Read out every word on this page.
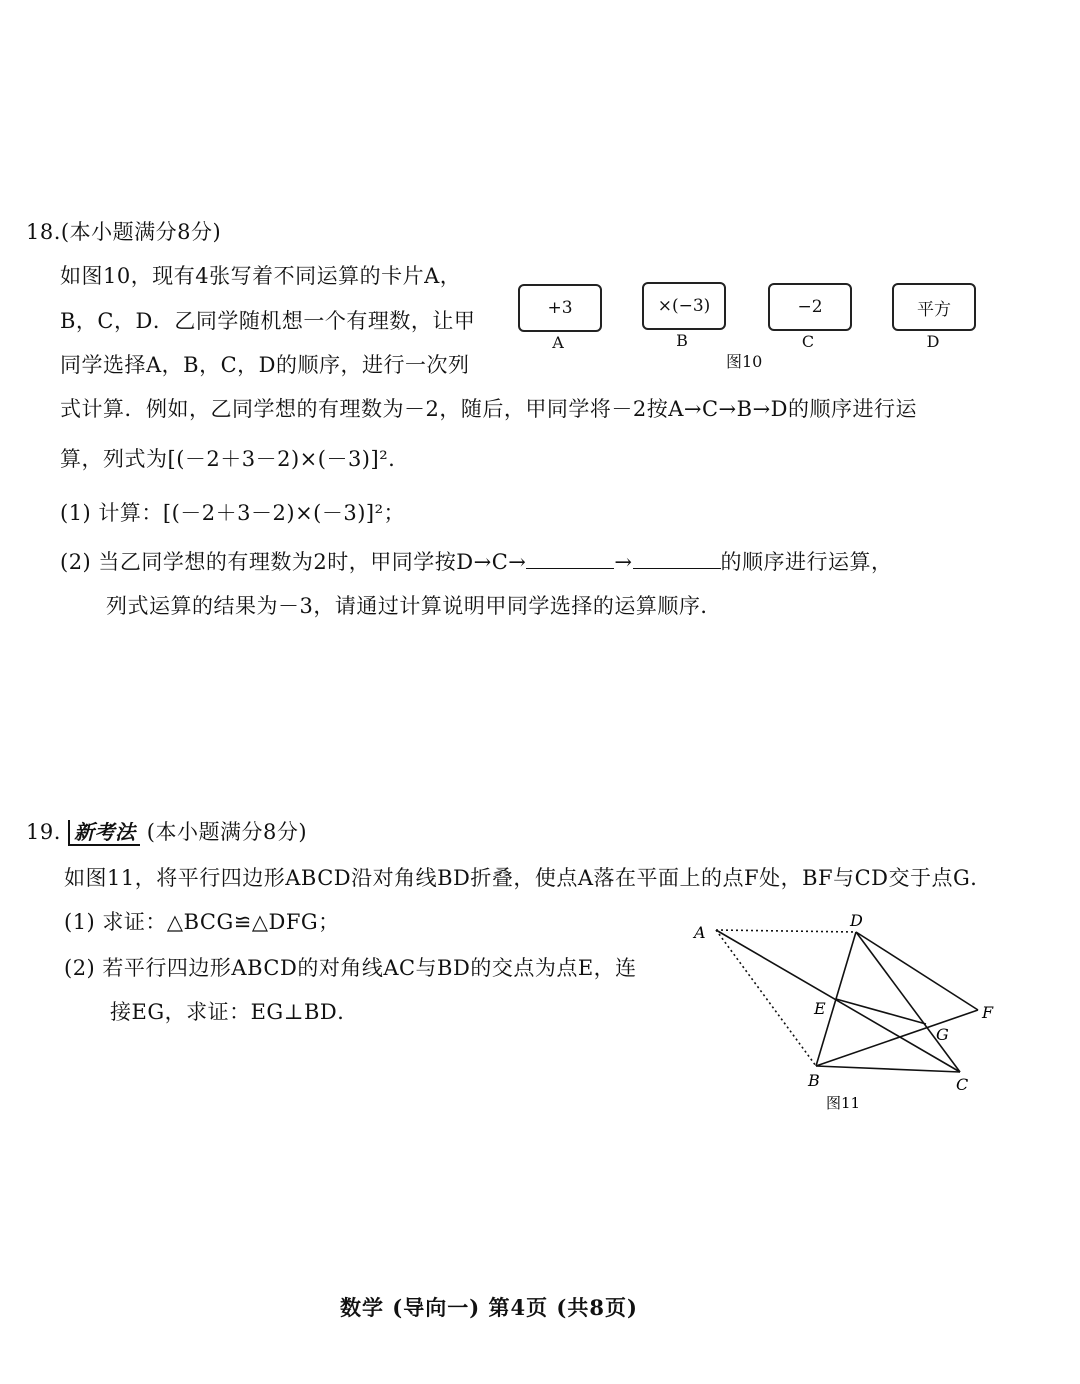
18.(本小题满分8分)
如图10，现有4张写着不同运算的卡片A，
B，C，D．乙同学随机想一个有理数，让甲
同学选择A，B，C，D的顺序，进行一次列
式计算．例如，乙同学想的有理数为－2，随后，甲同学将－2按A→C→B→D的顺序进行运
算，列式为[(－2＋3－2)×(－3)]².
(1) 计算：[(－2＋3－2)×(－3)]²；
(2) 当乙同学想的有理数为2时，甲同学按D→C→	→	的顺序进行运算，
列式运算的结果为－3，请通过计算说明甲同学选择的运算顺序．
+3
A
×(−3)
B
−2
C
平方
D
图10
19. 新考法 (本小题满分8分)
如图11，将平行四边形ABCD沿对角线BD折叠，使点A落在平面上的点F处，BF与CD交于点G．
(1) 求证：△BCG≌△DFG；
(2) 若平行四边形ABCD的对角线AC与BD的交点为点E，连
接EG，求证：EG⊥BD．
A
D
E	F
G
B	C
图11
数学 (导向一) 第4页 (共8页)
